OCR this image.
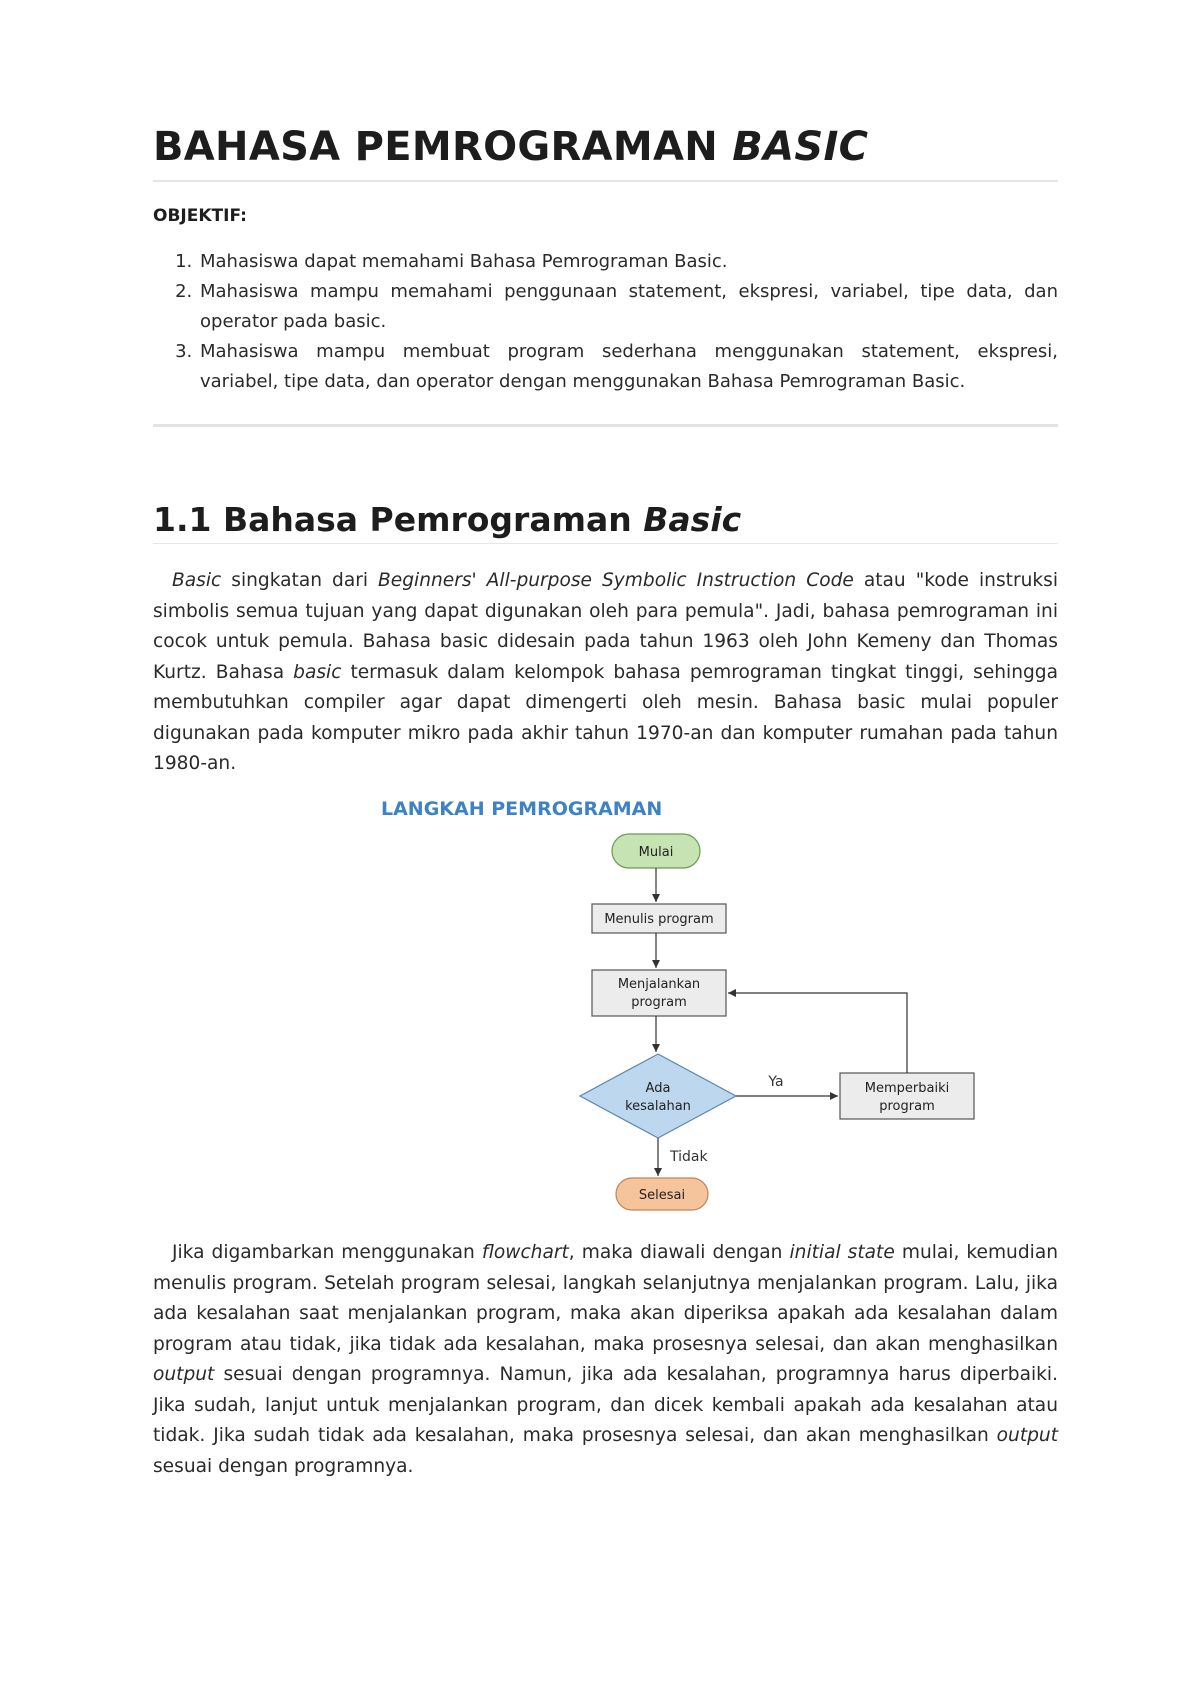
BAHASA PEMROGRAMAN BASIC

OBJEKTIF:

1. Mahasiswa dapat memahami Bahasa Pemrograman Basic.
2. Mahasiswa mampu memahami penggunaan statement, ekspresi, variabel, tipe data, dan operator pada basic.
3. Mahasiswa mampu membuat program sederhana menggunakan statement, ekspresi, variabel, tipe data, dan operator dengan menggunakan Bahasa Pemrograman Basic.
1.1 Bahasa Pemrograman Basic

Basic singkatan dari Beginners' All-purpose Symbolic Instruction Code atau "kode instruksi simbolis semua tujuan yang dapat digunakan oleh para pemula". Jadi, bahasa pemrograman ini cocok untuk pemula. Bahasa basic didesain pada tahun 1963 oleh John Kemeny dan Thomas Kurtz. Bahasa basic termasuk dalam kelompok bahasa pemrograman tingkat tinggi, sehingga membutuhkan compiler agar dapat dimengerti oleh mesin. Bahasa basic mulai populer digunakan pada komputer mikro pada akhir tahun 1970-an dan komputer rumahan pada tahun 1980-an.

LANGKAH PEMROGRAMAN

Mulai
Menulis program
Menjalankan
program
Ada
kesalahan
Ya	Memperbaiki
program
Tidak
Selesai

Jika digambarkan menggunakan flowchart, maka diawali dengan initial state mulai, kemudian menulis program. Setelah program selesai, langkah selanjutnya menjalankan program. Lalu, jika ada kesalahan saat menjalankan program, maka akan diperiksa apakah ada kesalahan dalam program atau tidak, jika tidak ada kesalahan, maka prosesnya selesai, dan akan menghasilkan output sesuai dengan programnya. Namun, jika ada kesalahan, programnya harus diperbaiki. Jika sudah, lanjut untuk menjalankan program, dan dicek kembali apakah ada kesalahan atau tidak. Jika sudah tidak ada kesalahan, maka prosesnya selesai, dan akan menghasilkan output sesuai dengan programnya.
